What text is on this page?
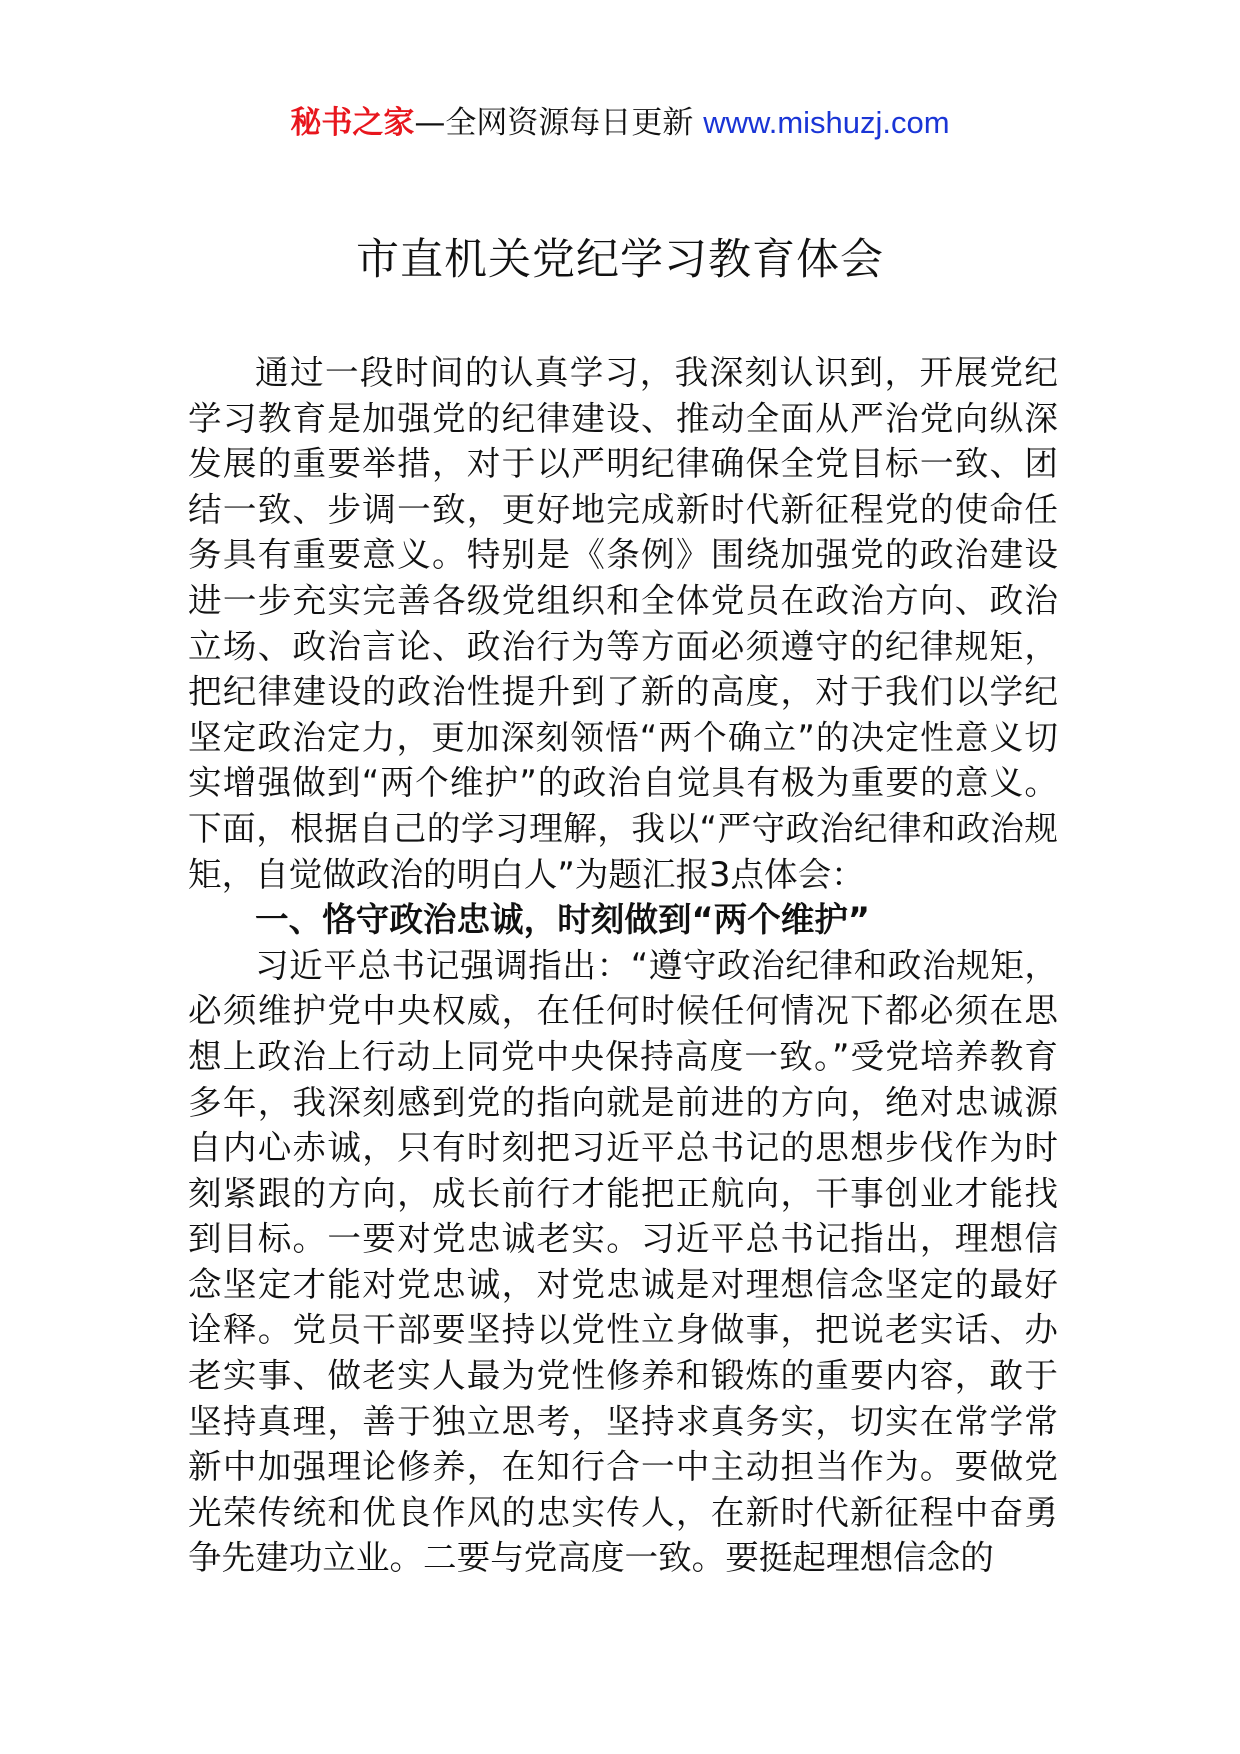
秘书之家—全网资源每日更新 www.mishuzj.com
市直机关党纪学习教育体会

通过一段时间的认真学习，我深刻认识到，开展党纪学习教育是加强党的纪律建设、推动全面从严治党向纵深发展的重要举措，对于以严明纪律确保全党目标一致、团结一致、步调一致，更好地完成新时代新征程党的使命任务具有重要意义。特别是《条例》围绕加强党的政治建设进一步充实完善各级党组织和全体党员在政治方向、政治立场、政治言论、政治行为等方面必须遵守的纪律规矩，把纪律建设的政治性提升到了新的高度，对于我们以学纪坚定政治定力，更加深刻领悟“两个确立”的决定性意义切实增强做到“两个维护”的政治自觉具有极为重要的意义。下面，根据自己的学习理解，我以“严守政治纪律和政治规矩，自觉做政治的明白人”为题汇报3点体会：

一、恪守政治忠诚，时刻做到“两个维护”

习近平总书记强调指出：“遵守政治纪律和政治规矩，必须维护党中央权威，在任何时候任何情况下都必须在思想上政治上行动上同党中央保持高度一致。”受党培养教育多年，我深刻感到党的指向就是前进的方向，绝对忠诚源自内心赤诚，只有时刻把习近平总书记的思想步伐作为时刻紧跟的方向，成长前行才能把正航向，干事创业才能找到目标。一要对党忠诚老实。习近平总书记指出，理想信念坚定才能对党忠诚，对党忠诚是对理想信念坚定的最好诠释。党员干部要坚持以党性立身做事，把说老实话、办老实事、做老实人最为党性修养和锻炼的重要内容，敢于坚持真理，善于独立思考，坚持求真务实，切实在常学常新中加强理论修养，在知行合一中主动担当作为。要做党光荣传统和优良作风的忠实传人，在新时代新征程中奋勇争先建功立业。二要与党高度一致。要挺起理想信念的
